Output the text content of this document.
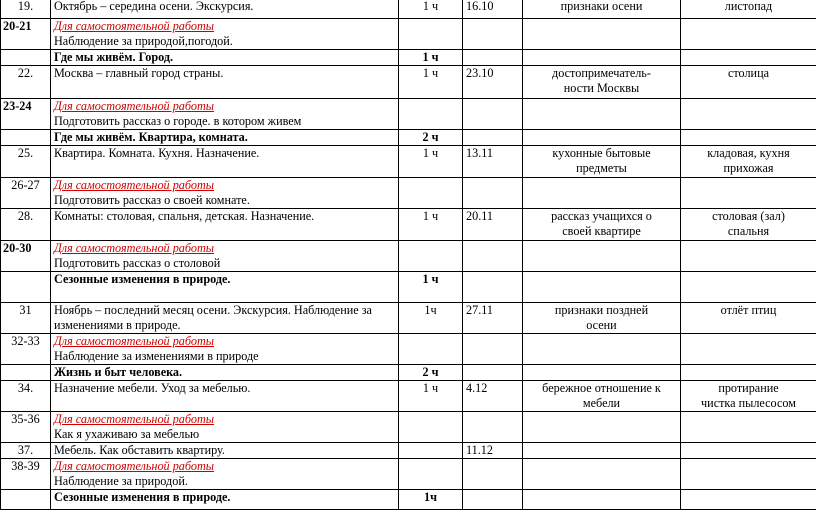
19.	Октябрь – середина осени. Экскурсия.	1 ч	16.10	признаки осени	листопад
20-21	Для самостоятельной работы
Наблюдение за природой,погодой.				

	Где мы живём. Город.	1 ч			
22.	Москва – главный город страны.	1 ч	23.10	достопримечатель-
ности Москвы	столица
23-24	Для самостоятельной работы
Подготовить рассказ о городе. в котором живем				

	Где мы живём. Квартира, комната.	2 ч			
25.	Квартира. Комната. Кухня. Назначение.	1 ч	13.11	кухонные бытовые
предметы	кладовая, кухня
прихожая
26-27	Для самостоятельной работы
Подготовить рассказ о своей комнате.				

28.	Комнаты: столовая, спальня, детская. Назначение.	1 ч	20.11	рассказ учащихся о
своей квартире	столовая (зал)
спальня
20-30	Для самостоятельной работы
Подготовить рассказ о столовой				

	Сезонные изменения в природе.	1 ч			
31	Ноябрь – последний месяц осени. Экскурсия. Наблюдение за изменениями в природе.	1ч	27.11	признаки поздней
осени	отлёт птиц
32-33	Для самостоятельной работы
Наблюдение за изменениями в природе				

	Жизнь и быт человека.	2 ч			
34.	Назначение мебели. Уход за мебелью.	1 ч	4.12	бережное отношение к
мебели	протирание
чистка пылесосом
35-36	Для самостоятельной работы
Как я ухаживаю за мебелью				

37.	Мебель. Как обставить квартиру.		11.12		
38-39	Для самостоятельной работы
Наблюдение за природой.				

	Сезонные изменения в природе.	1ч			
